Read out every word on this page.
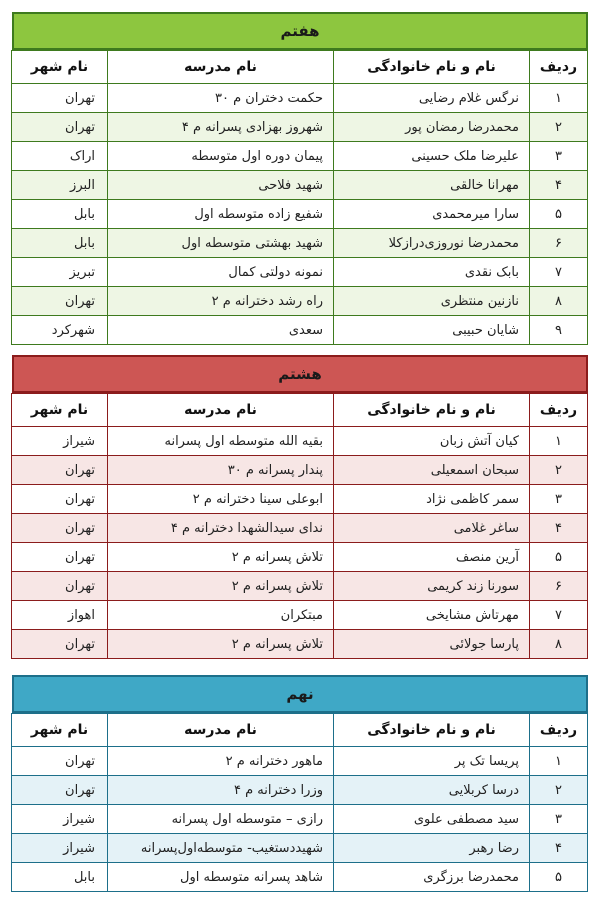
هفتم
ردیف	نام و نام خانوادگی	نام مدرسه	نام شهر
۱	نرگس غلام رضایی	حکمت دختران م ۳۰	تهران
۲	محمدرضا رمضان پور	شهروز بهزادی پسرانه م ۴	تهران
۳	علیرضا ملک حسینی	پیمان دوره اول متوسطه	اراک
۴	مهرانا خالقی	شهید فلاحی	البرز
۵	سارا میرمحمدی	شفیع زاده متوسطه اول	بابل
۶	محمدرضا نوروزی‌درازکلا	شهید بهشتی متوسطه اول	بابل
۷	بابک نقدی	نمونه دولتی کمال	تبریز
۸	نازنین منتظری	راه رشد دخترانه م ۲	تهران
۹	شایان حبیبی	سعدی	شهرکرد
هشتم
ردیف	نام و نام خانوادگی	نام مدرسه	نام شهر
۱	کیان آتش زبان	بقیه الله متوسطه اول پسرانه	شیراز
۲	سبحان اسمعیلی	پندار پسرانه م ۳۰	تهران
۳	سمر کاظمی نژاد	ابوعلی سینا دخترانه م ۲	تهران
۴	ساغر غلامی	ندای سیدالشهدا دخترانه م ۴	تهران
۵	آرین منصف	تلاش پسرانه م ۲	تهران
۶	سورنا زند کریمی	تلاش پسرانه م ۲	تهران
۷	مهرتاش مشایخی	مبتکران	اهواز
۸	پارسا جولائی	تلاش پسرانه م ۲	تهران
نهم
ردیف	نام و نام خانوادگی	نام مدرسه	نام شهر
۱	پریسا تک پر	ماهور دخترانه م ۲	تهران
۲	درسا کربلایی	وزرا دخترانه م ۴	تهران
۳	سید مصطفی علوی	رازی – متوسطه اول پسرانه	شیراز
۴	رضا رهبر	شهیددستغیب- متوسطه‌اول‌پسرانه	شیراز
۵	محمدرضا برزگری	شاهد پسرانه متوسطه اول	بابل
